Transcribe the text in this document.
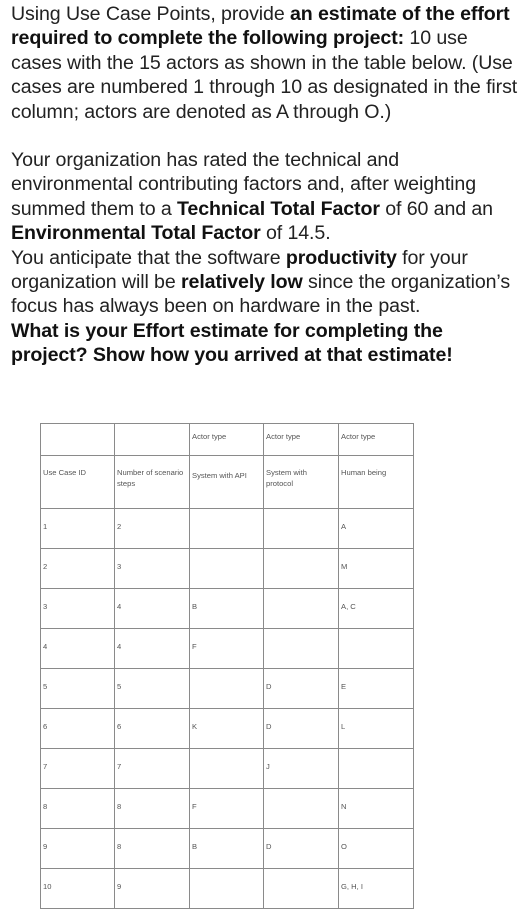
Using Use Case Points, provide an estimate of the effort required to complete the following project: 10 use cases with the 15 actors as shown in the table below. (Use cases are numbered 1 through 10 as designated in the first column; actors are denoted as A through O.)

Your organization has rated the technical and environmental contributing factors and, after weighting summed them to a Technical Total Factor of 60 and an Environmental Total Factor of 14.5.

You anticipate that the software productivity for your organization will be relatively low since the organization’s focus has always been on hardware in the past.

What is your Effort estimate for completing the project? Show how you arrived at that estimate!

		Actor type	Actor type	Actor type
Use Case ID	Number of scenario steps	System with API	System with protocol	Human being
1	2			A
2	3			M
3	4	B		A, C
4	4	F		
5	5		D	E
6	6	K	D	L
7	7		J	
8	8	F		N
9	8	B	D	O
10	9			G, H, I
